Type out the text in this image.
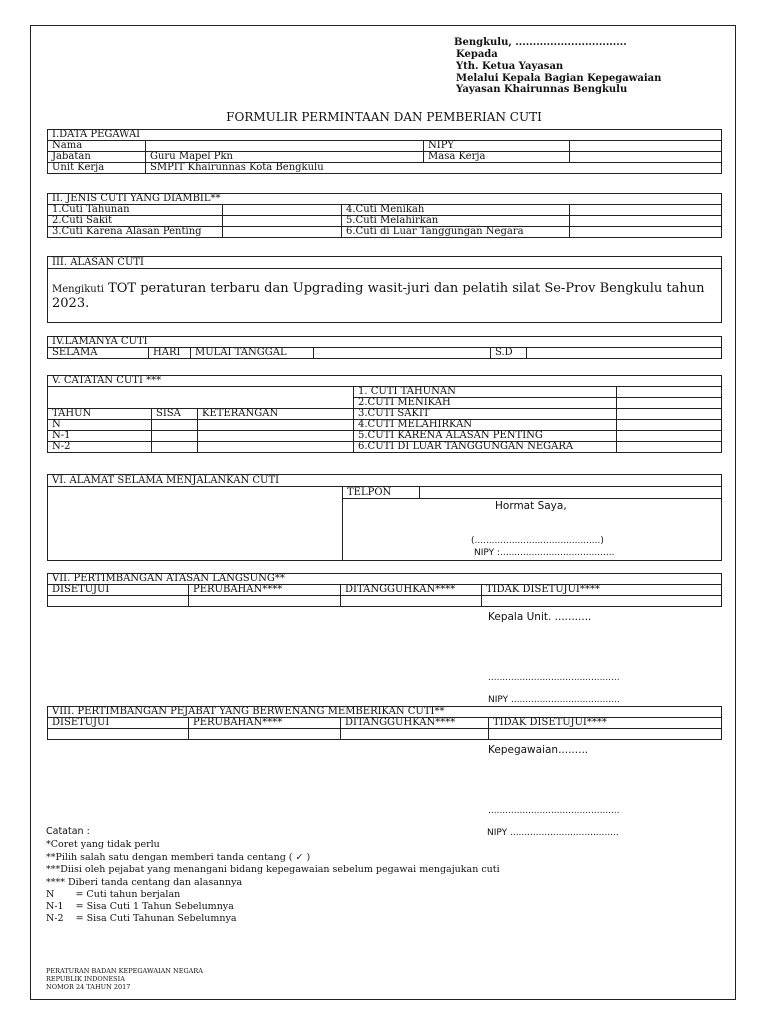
Bengkulu, ................................
Kepada
Yth. Ketua Yayasan
Melalui Kepala Bagian Kepegawaian
Yayasan Khairunnas Bengkulu
FORMULIR PERMINTAAN DAN PEMBERIAN CUTI
I.DATA PEGAWAI			
Nama		NIPY	
Jabatan	Guru Mapel Pkn	Masa Kerja	
Unit Kerja	SMPIT Khairunnas Kota Bengkulu		
II. JENIS CUTI YANG DIAMBIL**			
1.Cuti Tahunan		4.Cuti Menikah	
2.Cuti Sakit		5.Cuti Melahirkan	
3.Cuti Karena Alasan Penting		6.Cuti di Luar Tanggungan Negara	
III. ALASAN CUTI
Mengikuti TOT peraturan terbaru dan Upgrading wasit-juri dan pelatih silat Se-Prov Bengkulu tahun
2023.
IV.LAMANYA CUTI
SELAMA	HARI	MULAI TANGGAL		S.D	
V. CATATAN CUTI ***				
			1. CUTI TAHUNAN	
			2.CUTI MENIKAH	
TAHUN	SISA	KETERANGAN	3.CUTI SAKIT	
N			4.CUTI MELAHIRKAN	
N-1			5.CUTI KARENA ALASAN PENTING	
N-2			6.CUTI DI LUAR TANGGUNGAN NEGARA	
VI. ALAMAT SELAMA MENJALANKAN CUTI
TELPON
Hormat Saya,
(............................................)
NIPY :........................................
VII. PERTIMBANGAN ATASAN LANGSUNG**			
DISETUJUI	PERUBAHAN****	DITANGGUHKAN****	TIDAK DISETUJUI****

Kepala Unit. ...........
..............................................
NIPY ......................................
VIII. PERTIMBANGAN PEJABAT YANG BERWENANG MEMBERIKAN CUTI**			
DISETUJUI	PERUBAHAN****	DITANGGUHKAN****	TIDAK DISETUJUI****

Kepegawaian.........
..............................................
NIPY ......................................
Catatan :
*Coret yang tidak perlu
**Pilih salah satu dengan memberi tanda centang ( ✓ )
***Diisi oleh pejabat yang menangani bidang kepegawaian sebelum pegawai mengajukan cuti
**** Diberi tanda centang dan alasannya
N       = Cuti tahun berjalan
N-1    = Sisa Cuti 1 Tahun Sebelumnya
N-2    = Sisa Cuti Tahunan Sebelumnya
PERATURAN BADAN KEPEGAWAIAN NEGARA
REPUBLIK INDONESIA
NOMOR 24 TAHUN 2017
